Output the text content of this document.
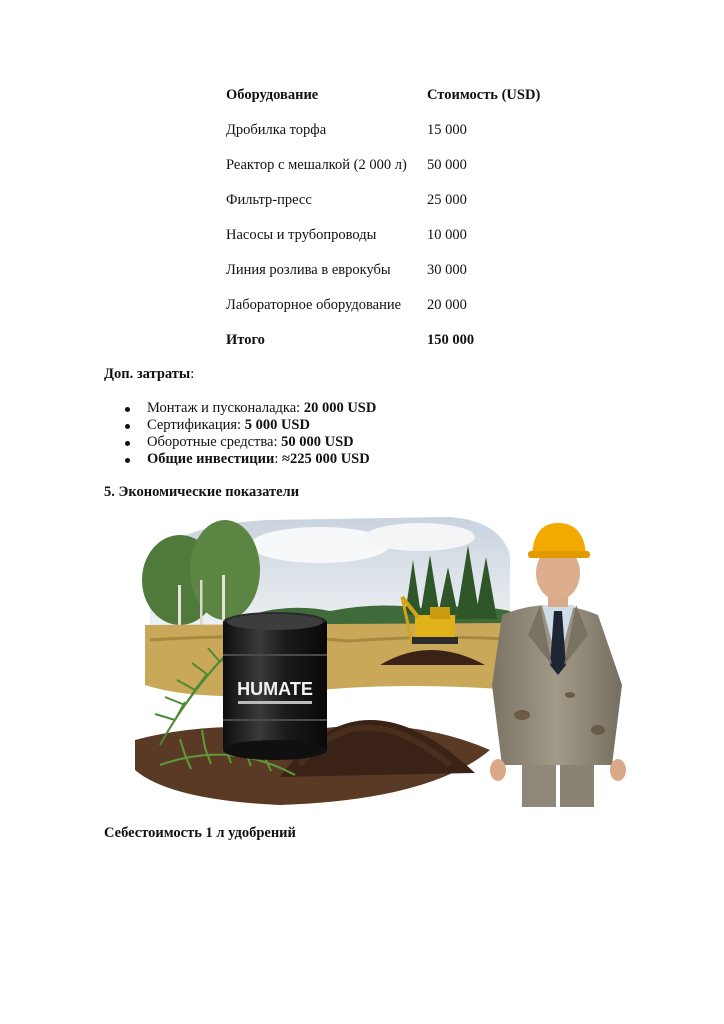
Оборудование	Стоимость (USD)
Дробилка торфа	15 000
Реактор с мешалкой (2 000 л)	50 000
Фильтр-пресс	25 000
Насосы и трубопроводы	10 000
Линия розлива в еврокубы	30 000
Лабораторное оборудование	20 000
Итого	150 000

Доп. затраты:

Монтаж и пусконаладка: 20 000 USD
Сертификация: 5 000 USD
Оборотные средства: 50 000 USD
Общие инвестиции: ≈225 000 USD
5. Экономические показатели
HUMATE
Себестоимость 1 л удобрений
